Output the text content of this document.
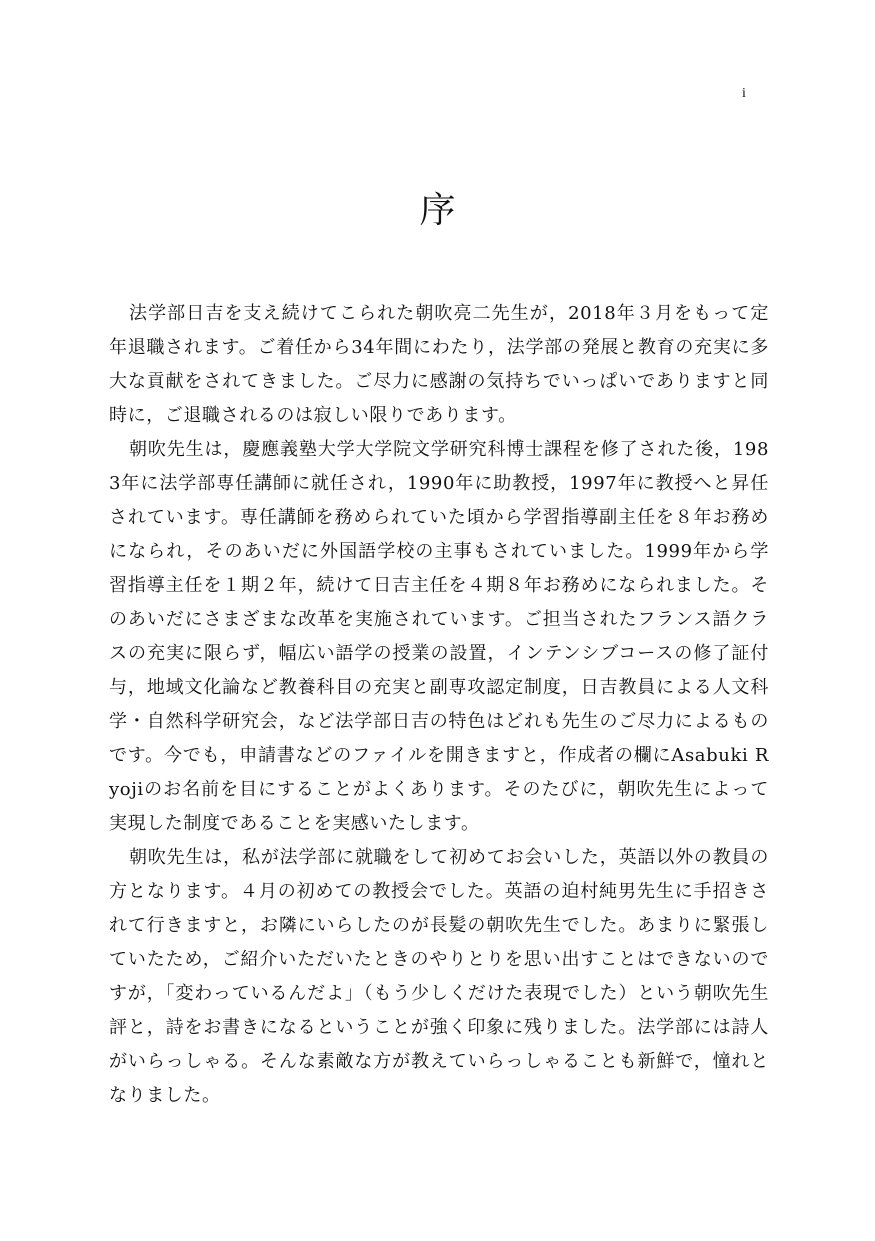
i
序

法学部日吉を支え続けてこられた朝吹亮二先生が，2018年３月をもって定年退職されます。ご着任から34年間にわたり，法学部の発展と教育の充実に多大な貢献をされてきました。ご尽力に感謝の気持ちでいっぱいでありますと同時に，ご退職されるのは寂しい限りであります。

朝吹先生は，慶應義塾大学大学院文学研究科博士課程を修了された後，1983年に法学部専任講師に就任され，1990年に助教授，1997年に教授へと昇任されています。専任講師を務められていた頃から学習指導副主任を８年お務めになられ，そのあいだに外国語学校の主事もされていました。1999年から学習指導主任を１期２年，続けて日吉主任を４期８年お務めになられました。そのあいだにさまざまな改革を実施されています。ご担当されたフランス語クラスの充実に限らず，幅広い語学の授業の設置，インテンシブコースの修了証付与，地域文化論など教養科目の充実と副専攻認定制度，日吉教員による人文科学・自然科学研究会，など法学部日吉の特色はどれも先生のご尽力によるものです。今でも，申請書などのファイルを開きますと，作成者の欄にAsabuki Ryojiのお名前を目にすることがよくあります。そのたびに，朝吹先生によって実現した制度であることを実感いたします。

朝吹先生は，私が法学部に就職をして初めてお会いした，英語以外の教員の方となります。４月の初めての教授会でした。英語の迫村純男先生に手招きされて行きますと，お隣にいらしたのが長髪の朝吹先生でした。あまりに緊張していたため，ご紹介いただいたときのやりとりを思い出すことはできないのですが，「変わっているんだよ」（もう少しくだけた表現でした）という朝吹先生評と，詩をお書きになるということが強く印象に残りました。法学部には詩人がいらっしゃる。そんな素敵な方が教えていらっしゃることも新鮮で，憧れとなりました。
